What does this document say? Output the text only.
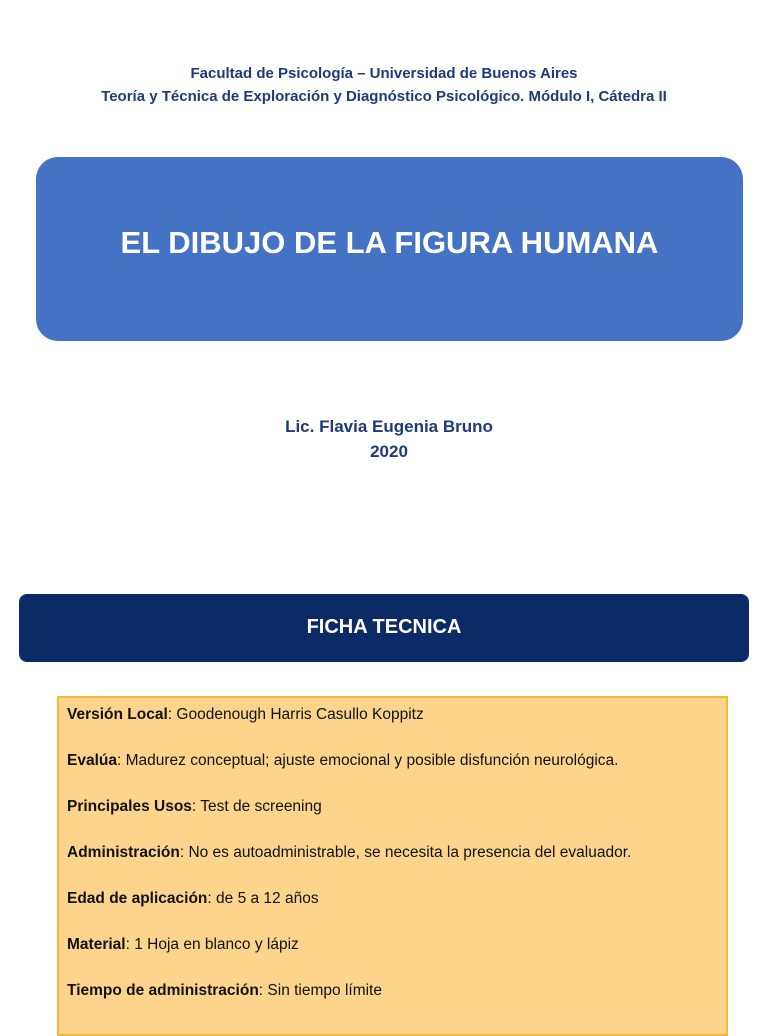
Facultad de Psicología – Universidad de Buenos Aires
Teoría y Técnica de Exploración y Diagnóstico Psicológico. Módulo I, Cátedra II
EL DIBUJO DE LA FIGURA HUMANA
Lic. Flavia Eugenia Bruno
2020
FICHA TECNICA
Versión Local: Goodenough Harris Casullo Koppitz
Evalúa: Madurez conceptual; ajuste emocional y posible disfunción neurológica.
Principales Usos: Test de screening
Administración: No es autoadministrable, se necesita la presencia del evaluador.
Edad de aplicación: de 5 a 12 años
Material: 1 Hoja en blanco y lápiz
Tiempo de administración: Sin tiempo límite
